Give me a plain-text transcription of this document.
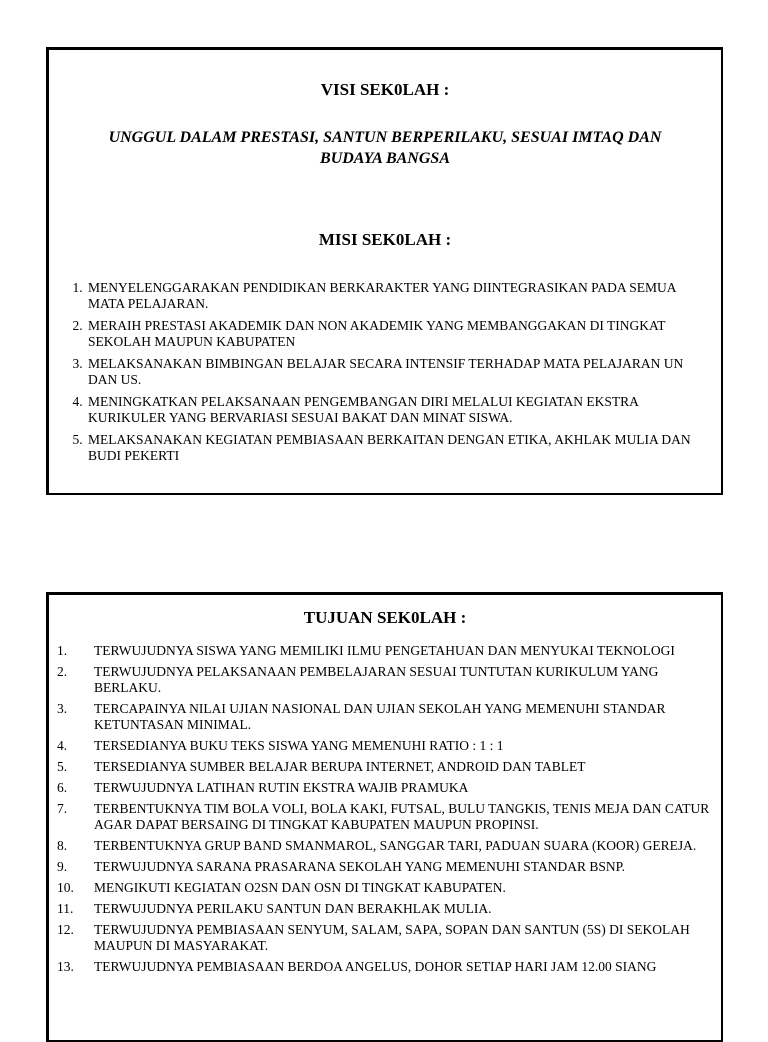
VISI SEK0LAH :

UNGGUL DALAM PRESTASI, SANTUN BERPERILAKU, SESUAI IMTAQ DAN BUDAYA BANGSA

MISI SEK0LAH :
1. MENYELENGGARAKAN PENDIDIKAN BERKARAKTER YANG DIINTEGRASIKAN PADA SEMUA MATA PELAJARAN.
2. MERAIH PRESTASI AKADEMIK DAN NON AKADEMIK YANG MEMBANGGAKAN DI TINGKAT SEKOLAH MAUPUN KABUPATEN
3. MELAKSANAKAN BIMBINGAN BELAJAR SECARA INTENSIF TERHADAP MATA PELAJARAN UN DAN US.
4. MENINGKATKAN PELAKSANAAN PENGEMBANGAN DIRI MELALUI KEGIATAN EKSTRA KURIKULER YANG BERVARIASI SESUAI BAKAT DAN MINAT SISWA.
5. MELAKSANAKAN KEGIATAN PEMBIASAAN BERKAITAN DENGAN ETIKA, AKHLAK MULIA DAN BUDI PEKERTI
TUJUAN SEK0LAH :
1. TERWUJUDNYA SISWA YANG MEMILIKI ILMU PENGETAHUAN DAN MENYUKAI TEKNOLOGI
2. TERWUJUDNYA PELAKSANAAN PEMBELAJARAN SESUAI TUNTUTAN KURIKULUM YANG BERLAKU.
3. TERCAPAINYA NILAI UJIAN NASIONAL DAN UJIAN SEKOLAH YANG MEMENUHI STANDAR KETUNTASAN MINIMAL.
4. TERSEDIANYA BUKU TEKS SISWA YANG MEMENUHI RATIO : 1 : 1
5. TERSEDIANYA SUMBER BELAJAR BERUPA INTERNET, ANDROID DAN TABLET
6. TERWUJUDNYA LATIHAN RUTIN EKSTRA WAJIB PRAMUKA
7. TERBENTUKNYA TIM BOLA VOLI, BOLA KAKI, FUTSAL, BULU TANGKIS, TENIS MEJA DAN CATUR AGAR DAPAT BERSAING DI TINGKAT KABUPATEN MAUPUN PROPINSI.
8. TERBENTUKNYA GRUP BAND SMANMAROL, SANGGAR TARI, PADUAN SUARA (KOOR) GEREJA.
9. TERWUJUDNYA SARANA PRASARANA SEKOLAH YANG MEMENUHI STANDAR BSNP.
10. MENGIKUTI KEGIATAN O2SN DAN OSN DI TINGKAT KABUPATEN.
11. TERWUJUDNYA PERILAKU SANTUN DAN BERAKHLAK MULIA.
12. TERWUJUDNYA PEMBIASAAN SENYUM, SALAM, SAPA, SOPAN DAN SANTUN (5S) DI SEKOLAH MAUPUN DI MASYARAKAT.
13. TERWUJUDNYA PEMBIASAAN BERDOA ANGELUS, DOHOR SETIAP HARI JAM 12.00 SIANG
